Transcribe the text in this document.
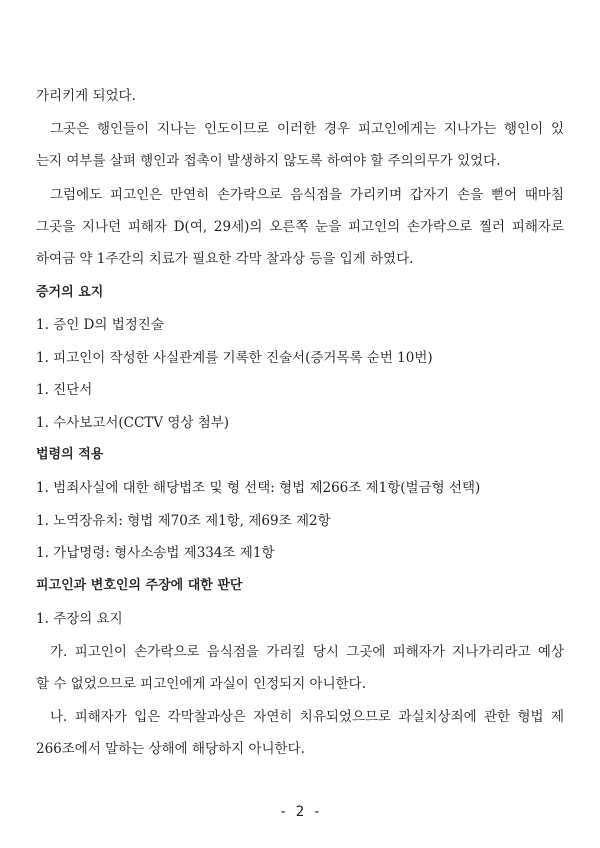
가리키게 되었다.
그곳은 행인들이 지나는 인도이므로 이러한 경우 피고인에게는 지나가는 행인이 있
는지 여부를 살펴 행인과 접촉이 발생하지 않도록 하여야 할 주의의무가 있었다.
그럼에도 피고인은 만연히 손가락으로 음식점을 가리키며 갑자기 손을 뻗어 때마침
그곳을 지나던 피해자 D(여, 29세)의 오른쪽 눈을 피고인의 손가락으로 찔러 피해자로
하여금 약 1주간의 치료가 필요한 각막 찰과상 등을 입게 하였다.
증거의 요지
1. 증인 D의 법정진술
1. 피고인이 작성한 사실관계를 기록한 진술서(증거목록 순번 10번)
1. 진단서
1. 수사보고서(CCTV 영상 첨부)
법령의 적용
1. 범죄사실에 대한 해당법조 및 형 선택: 형법 제266조 제1항(벌금형 선택)
1. 노역장유치: 형법 제70조 제1항, 제69조 제2항
1. 가납명령: 형사소송법 제334조 제1항
피고인과 변호인의 주장에 대한 판단
1. 주장의 요지
가. 피고인이 손가락으로 음식점을 가리킬 당시 그곳에 피해자가 지나가리라고 예상
할 수 없었으므로 피고인에게 과실이 인정되지 아니한다.
나. 피해자가 입은 각막찰과상은 자연히 치유되었으므로 과실치상죄에 관한 형법 제
266조에서 말하는 상해에 해당하지 아니한다.
- 2 -
